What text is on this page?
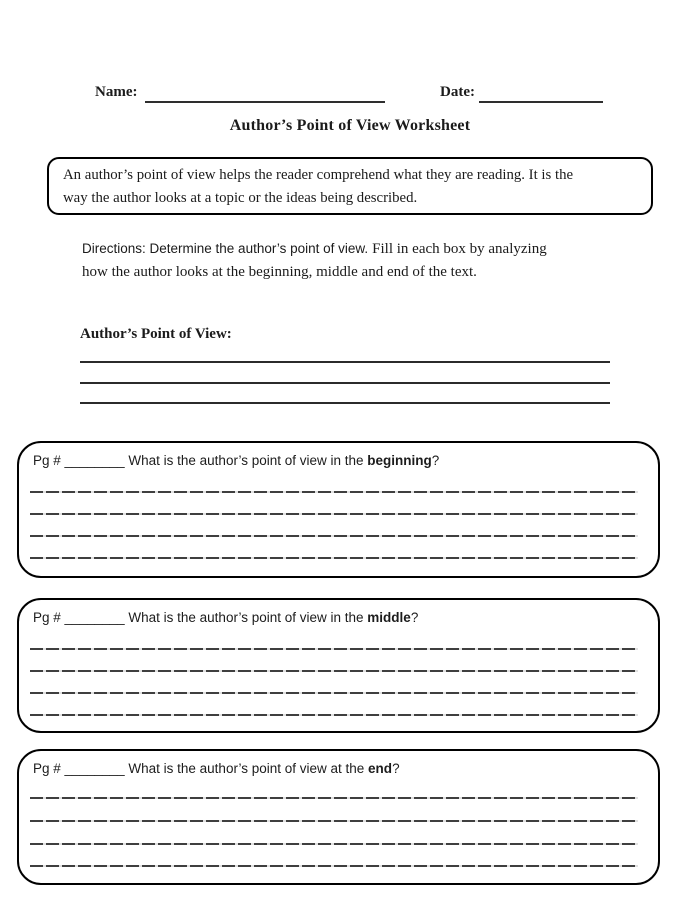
Name:	Date:
Author’s Point of View Worksheet
An author’s point of view helps the reader comprehend what they are reading. It is the
way the author looks at a topic or the ideas being described.
Directions: Determine the author’s point of view. Fill in each box by analyzing
how the author looks at the beginning, middle and end of the text.
Author’s Point of View:
Pg # ________ What is the author’s point of view in the beginning?
Pg # ________ What is the author’s point of view in the middle?
Pg # ________ What is the author’s point of view at the end?
